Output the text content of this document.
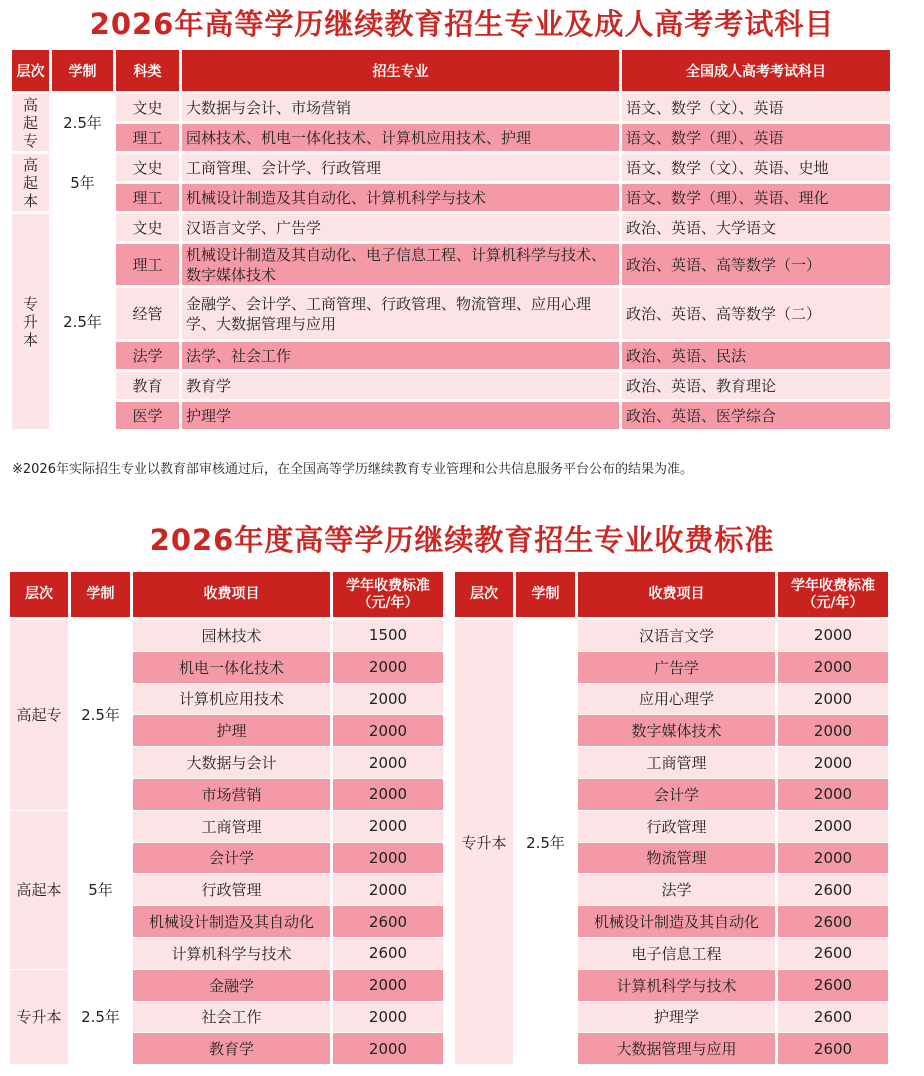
2026年高等学历继续教育招生专业及成人高考考试科目
层次	学制	科类	招生专业	全国成人高考考试科目

高起专	2.5年	文史	大数据与会计、市场营销	语文、数学（文）、英语
		理工	园林技术、机电一体化技术、计算机应用技术、护理	语文、数学（理）、英语

高起本	5年	文史	工商管理、会计学、行政管理	语文、数学（文）、英语、史地
		理工	机械设计制造及其自动化、计算机科学与技术	语文、数学（理）、英语、理化

专升本	2.5年	文史	汉语言文学、广告学	政治、英语、大学语文
		理工	机械设计制造及其自动化、电子信息工程、计算机科学与技术、数字媒体技术	政治、英语、高等数学（一）
		经管	金融学、会计学、工商管理、行政管理、物流管理、应用心理学、大数据管理与应用	政治、英语、高等数学（二）
		法学	法学、社会工作	政治、英语、民法
		教育	教育学	政治、英语、教育理论
		医学	护理学	政治、英语、医学综合
※2026年实际招生专业以教育部审核通过后，在全国高等学历继续教育专业管理和公共信息服务平台公布的结果为准。
2026年度高等学历继续教育招生专业收费标准
层次	学制	收费项目	学年收费标准（元/年）
高起专	2.5年	园林技术	1500
		机电一体化技术	2000
		计算机应用技术	2000
		护理	2000
		大数据与会计	2000
		市场营销	2000
高起本	5年	工商管理	2000
		会计学	2000
		行政管理	2000
		机械设计制造及其自动化	2600
		计算机科学与技术	2600
专升本	2.5年	金融学	2000
		社会工作	2000
		教育学	2000
层次	学制	收费项目	学年收费标准（元/年）
专升本	2.5年	汉语言文学	2000
		广告学	2000
		应用心理学	2000
		数字媒体技术	2000
		工商管理	2000
		会计学	2000
		行政管理	2000
		物流管理	2000
		法学	2600
		机械设计制造及其自动化	2600
		电子信息工程	2600
		计算机科学与技术	2600
		护理学	2600
		大数据管理与应用	2600
